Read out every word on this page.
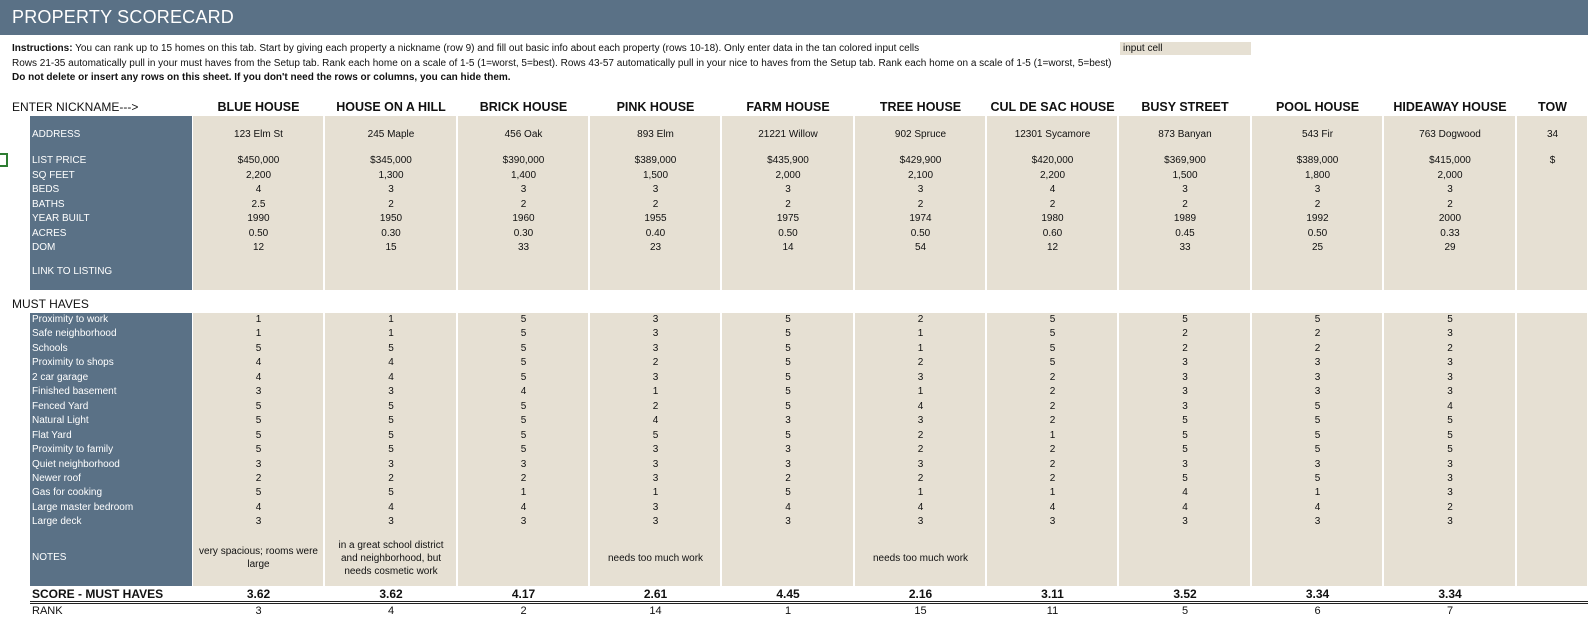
PROPERTY SCORECARD
Instructions: You can rank up to 15 homes on this tab. Start by giving each property a nickname (row 9) and fill out basic info about each property (rows 10-18). Only enter data in the tan colored input cells
Rows 21-35 automatically pull in your must haves from the Setup tab. Rank each home on a scale of 1-5 (1=worst, 5=best). Rows 43-57 automatically pull in your nice to haves from the Setup tab. Rank each home on a scale of 1-5 (1=worst, 5=best)
Do not delete or insert any rows on this sheet. If you don't need the rows or columns, you can hide them.
input cell
ENTER NICKNAME--->
MUST HAVES
ADDRESS
LIST PRICE
SQ FEET
BEDS
BATHS
YEAR BUILT
ACRES
DOM
LINK TO LISTING
Proximity to work
Safe neighborhood
Schools
Proximity to shops
2 car garage
Finished basement
Fenced Yard
Natural Light
Flat Yard
Proximity to family
Quiet neighborhood
Newer roof
Gas for cooking
Large master bedroom
Large deck
NOTES
BLUE HOUSE
123 Elm St
$450,000
2,200
4
2.5
1990
0.50
12
1
1
5
4
4
3
5
5
5
5
3
2
5
4
3
very spacious; rooms were large
3.62
3
HOUSE ON A HILL
245 Maple
$345,000
1,300
3
2
1950
0.30
15
1
1
5
4
4
3
5
5
5
5
3
2
5
4
3
in a great school district and neighborhood, but needs cosmetic work
3.62
4
BRICK HOUSE
456 Oak
$390,000
1,400
3
2
1960
0.30
33
5
5
5
5
5
4
5
5
5
5
3
2
1
4
3
4.17
2
PINK HOUSE
893 Elm
$389,000
1,500
3
2
1955
0.40
23
3
3
3
2
3
1
2
4
5
3
3
3
1
3
3
needs too much work
2.61
14
FARM HOUSE
21221 Willow
$435,900
2,000
3
2
1975
0.50
14
5
5
5
5
5
5
5
3
5
3
3
2
5
4
3
4.45
1
TREE HOUSE
902 Spruce
$429,900
2,100
3
2
1974
0.50
54
2
1
1
2
3
1
4
3
2
2
3
2
1
4
3
needs too much work
2.16
15
CUL DE SAC HOUSE
12301 Sycamore
$420,000
2,200
4
2
1980
0.60
12
5
5
5
5
2
2
2
2
1
2
2
2
1
4
3
3.11
11
BUSY STREET
873 Banyan
$369,900
1,500
3
2
1989
0.45
33
5
2
2
3
3
3
3
5
5
5
3
5
4
4
3
3.52
5
POOL HOUSE
543 Fir
$389,000
1,800
3
2
1992
0.50
25
5
2
2
3
3
3
5
5
5
5
3
5
1
4
3
3.34
6
HIDEAWAY HOUSE
763 Dogwood
$415,000
2,000
3
2
2000
0.33
29
5
3
2
3
3
3
4
5
5
5
3
3
3
2
3
3.34
7
TOW
34
$
SCORE - MUST HAVES
RANK
